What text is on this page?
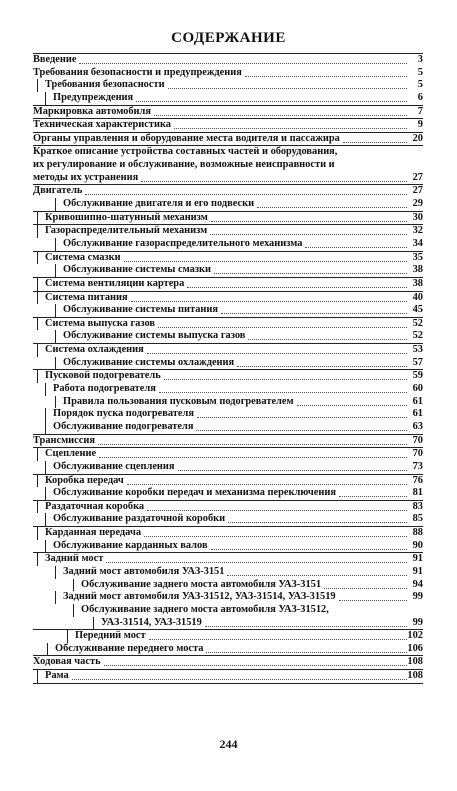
СОДЕРЖАНИЕ
Введение	3
Требования безопасности и предупреждения	5
Требования безопасности	5
Предупреждения	6
Маркировка автомобиля	7
Техническая характеристика	9
Органы управления и оборудование места водителя и пассажира	20
Краткое описание устройства составных частей и оборудования,
их регулирование и обслуживание, возможные неисправности и
методы их устранения	27
Двигатель	27
Обслуживание двигателя и его подвески	29
Кривошипно-шатунный механизм	30
Газораспределительный механизм	32
Обслуживание газораспределительного механизма	34
Система смазки	35
Обслуживание системы смазки	38
Система вентиляции картера	38
Система питания	40
Обслуживание системы питания	45
Система выпуска газов	52
Обслуживание системы выпуска газов	52
Система охлаждения	53
Обслуживание системы охлаждения	57
Пусковой подогреватель	59
Работа подогревателя	60
Правила пользования пусковым подогревателем	61
Порядок пуска подогревателя	61
Обслуживание подогревателя	63
Трансмиссия	70
Сцепление	70
Обслуживание сцепления	73
Коробка передач	76
Обслуживание коробки передач и механизма переключения	81
Раздаточная коробка	83
Обслуживание раздаточной коробки	85
Карданная передача	88
Обслуживание карданных валов	90
Задний мост	91
Задний мост автомобиля УАЗ-3151	91
Обслуживание заднего моста автомобиля УАЗ-3151	94
Задний мост автомобиля УАЗ-31512, УАЗ-31514, УАЗ-31519	99
Обслуживание заднего моста автомобиля УАЗ-31512,
УАЗ-31514, УАЗ-31519	99
Передний мост	102
Обслуживание переднего моста	106
Ходовая часть	108
Рама	108
244
